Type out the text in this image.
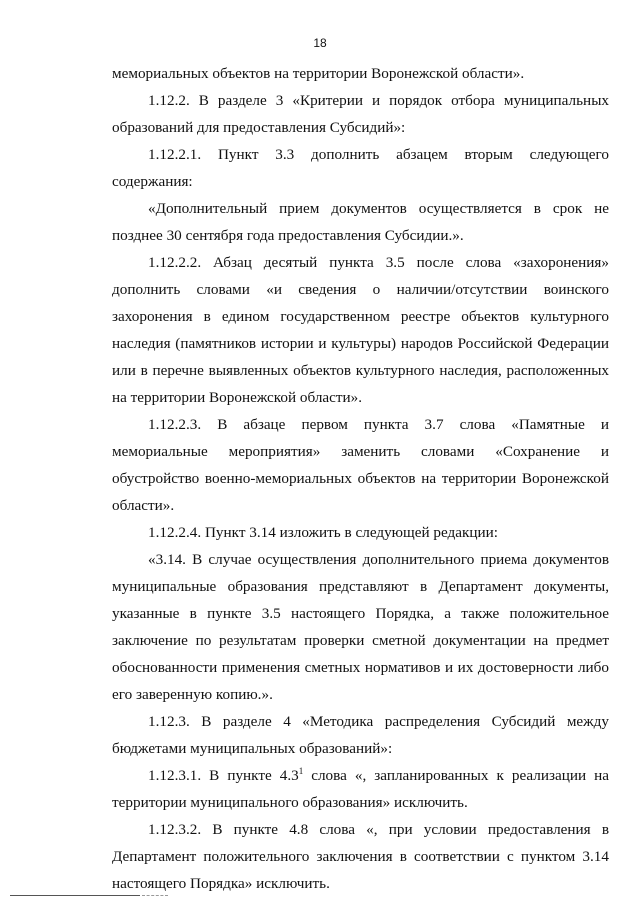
18

мемориальных объектов на территории Воронежской области».

1.12.2. В разделе 3 «Критерии и порядок отбора муниципальных образований для предоставления Субсидий»:

1.12.2.1. Пункт 3.3 дополнить абзацем вторым следующего содержания:

«Дополнительный прием документов осуществляется в срок не позднее 30 сентября года предоставления Субсидии.».

1.12.2.2. Абзац десятый пункта 3.5 после слова «захоронения» дополнить словами «и сведения о наличии/отсутствии воинского захоронения в едином государственном реестре объектов культурного наследия (памятников истории и культуры) народов Российской Федерации или в перечне выявленных объектов культурного наследия, расположенных на территории Воронежской области».

1.12.2.3. В абзаце первом пункта 3.7 слова «Памятные и мемориальные мероприятия» заменить словами «Сохранение и обустройство военно-мемориальных объектов на территории Воронежской области».

1.12.2.4. Пункт 3.14 изложить в следующей редакции:

«3.14. В случае осуществления дополнительного приема документов муниципальные образования представляют в Департамент документы, указанные в пункте 3.5 настоящего Порядка, а также положительное заключение по результатам проверки сметной документации на предмет обоснованности применения сметных нормативов и их достоверности либо его заверенную копию.».

1.12.3. В разделе 4 «Методика распределения Субсидий между бюджетами муниципальных образований»:

1.12.3.1. В пункте $4.3^1$ слова «, запланированных к реализации на территории муниципального образования» исключить.

1.12.3.2. В пункте 4.8 слова «, при условии предоставления в Департамент положительного заключения в соответствии с пунктом 3.14 настоящего Порядка» исключить.
